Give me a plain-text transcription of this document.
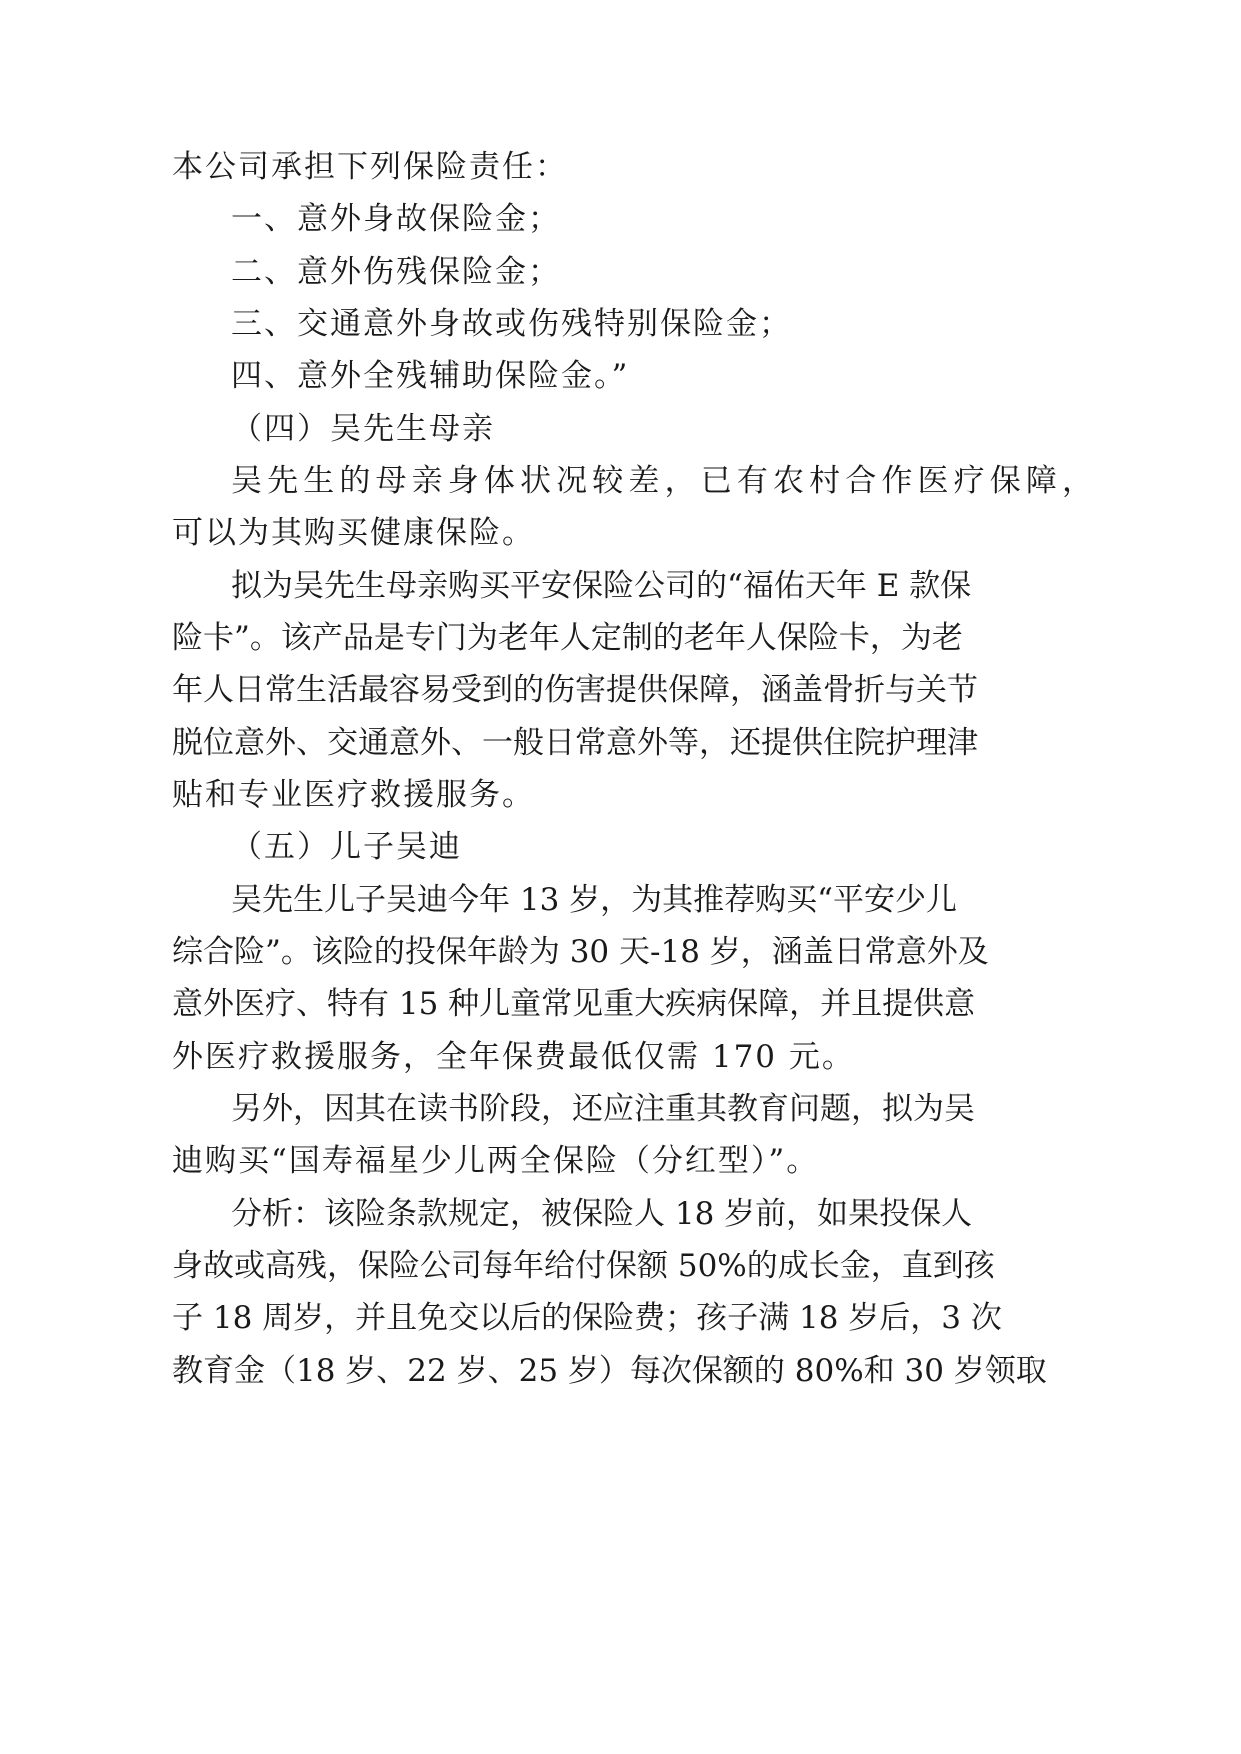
本公司承担下列保险责任：
一、意外身故保险金；
二、意外伤残保险金；
三、交通意外身故或伤残特别保险金；
四、意外全残辅助保险金。”
（四）吴先生母亲
吴先生的母亲身体状况较差，已有农村合作医疗保障，
可以为其购买健康保险。
拟为吴先生母亲购买平安保险公司的“福佑天年 E 款保
险卡”。该产品是专门为老年人定制的老年人保险卡，为老
年人日常生活最容易受到的伤害提供保障，涵盖骨折与关节
脱位意外、交通意外、一般日常意外等，还提供住院护理津
贴和专业医疗救援服务。
（五）儿子吴迪
吴先生儿子吴迪今年 13 岁，为其推荐购买“平安少儿
综合险”。该险的投保年龄为 30 天-18 岁，涵盖日常意外及
意外医疗、特有 15 种儿童常见重大疾病保障，并且提供意
外医疗救援服务，全年保费最低仅需 170 元。
另外，因其在读书阶段，还应注重其教育问题，拟为吴
迪购买“国寿福星少儿两全保险（分红型）”。
分析：该险条款规定，被保险人 18 岁前，如果投保人
身故或高残，保险公司每年给付保额 50%的成长金，直到孩
子 18 周岁，并且免交以后的保险费；孩子满 18 岁后，3 次
教育金（18 岁、22 岁、25 岁）每次保额的 80%和 30 岁领取
